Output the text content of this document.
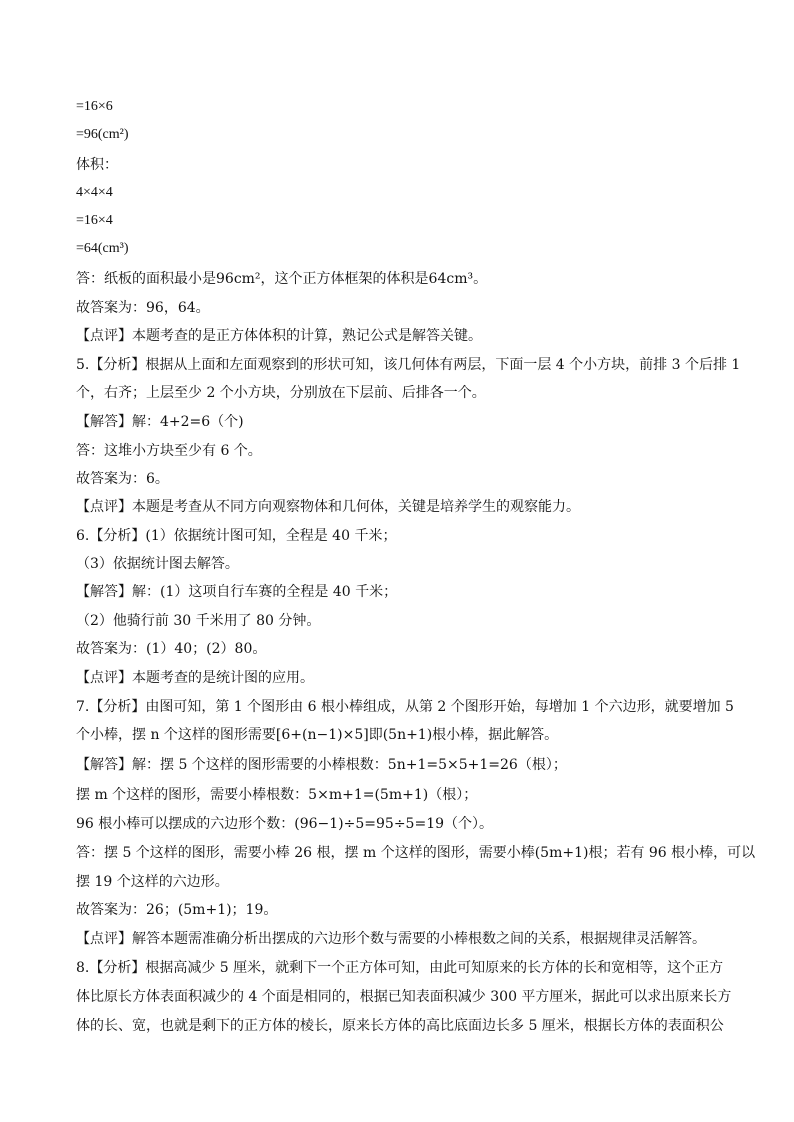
=16×6
=96(cm²)
体积：
4×4×4
=16×4
=64(cm³)
答：纸板的面积最小是96cm²，这个正方体框架的体积是64cm³。
故答案为：96，64。
【点评】本题考查的是正方体体积的计算，熟记公式是解答关键。
5.【分析】根据从上面和左面观察到的形状可知，该几何体有两层，下面一层 4 个小方块，前排 3 个后排 1
个，右齐；上层至少 2 个小方块，分别放在下层前、后排各一个。
【解答】解：4+2=6（个)
答：这堆小方块至少有 6 个。
故答案为：6。
【点评】本题是考查从不同方向观察物体和几何体，关键是培养学生的观察能力。
6.【分析】(1）依据统计图可知，全程是 40 千米；
（3）依据统计图去解答。
【解答】解：(1）这项自行车赛的全程是 40 千米；
（2）他骑行前 30 千米用了 80 分钟。
故答案为：(1）40；(2）80。
【点评】本题考查的是统计图的应用。
7.【分析】由图可知，第 1 个图形由 6 根小棒组成，从第 2 个图形开始，每增加 1 个六边形，就要增加 5
个小棒，摆 n 个这样的图形需要[6+(n−1)×5]即(5n+1)根小棒，据此解答。
【解答】解：摆 5 个这样的图形需要的小棒根数：5n+1=5×5+1=26（根）；
摆 m 个这样的图形，需要小棒根数：5×m+1=(5m+1)（根）；
96 根小棒可以摆成的六边形个数：(96−1)÷5=95÷5=19（个）。
答：摆 5 个这样的图形，需要小棒 26 根，摆 m 个这样的图形，需要小棒(5m+1)根；若有 96 根小棒，可以
摆 19 个这样的六边形。
故答案为：26；(5m+1)；19。
【点评】解答本题需准确分析出摆成的六边形个数与需要的小棒根数之间的关系，根据规律灵活解答。
8.【分析】根据高减少 5 厘米，就剩下一个正方体可知，由此可知原来的长方体的长和宽相等，这个正方
体比原长方体表面积减少的 4 个面是相同的，根据已知表面积减少 300 平方厘米，据此可以求出原来长方
体的长、宽，也就是剩下的正方体的棱长，原来长方体的高比底面边长多 5 厘米，根据长方体的表面积公
